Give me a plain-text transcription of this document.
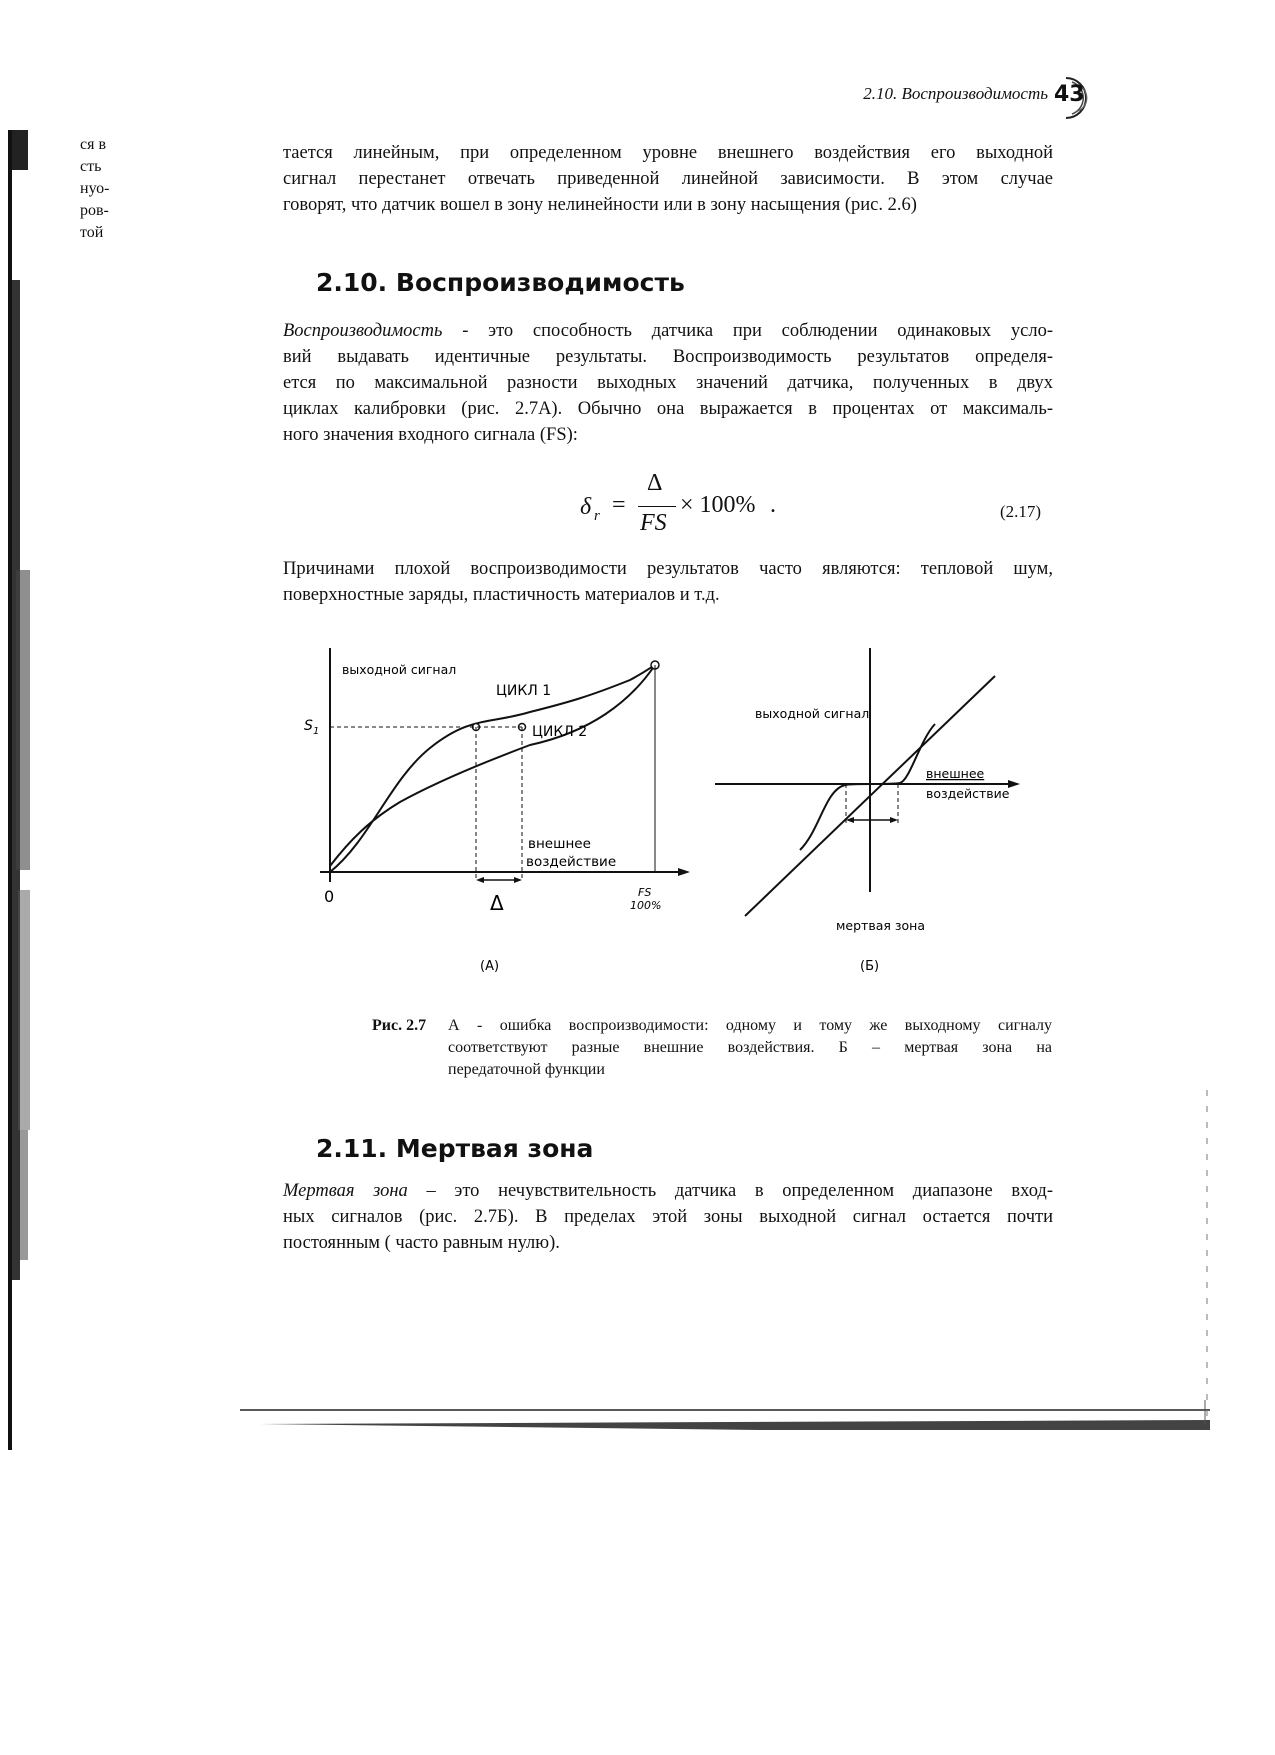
2.10. Воспроизводимость 43
ся в
сть
нуо-
ров-
той
тается линейным, при определенном уровне внешнего воздействия его выходной
сигнал перестанет отвечать приведенной линейной зависимости. В этом случае
говорят, что датчик вошел в зону нелинейности или в зону насыщения (рис. 2.6)
2.10. Воспроизводимость
Воспроизводимость - это способность датчика при соблюдении одинаковых усло-
вий выдавать идентичные результаты. Воспроизводимость результатов определя-
ется по максимальной разности выходных значений датчика, полученных в двух
циклах калибровки (рис. 2.7А). Обычно она выражается в процентах от максималь-
ного значения входного сигнала (FS):
δ r =
Δ
FS
× 100% .	(2.17)
Причинами плохой воспроизводимости результатов часто являются: тепловой шум,
поверхностные заряды, пластичность материалов и т.д.
выходной сигнал
ЦИКЛ 1
ЦИКЛ 2
S 1
внешнее
воздействие
0	Δ	FS
100%
(А)
выходной сигнал
внешнее
воздействие
мертвая зона
(Б)
Рис. 2.7 А - ошибка воспроизводимости: одному и тому же выходному сигналу
соответствуют разные внешние воздействия. Б – мертвая зона на
передаточной функции
2.11. Мертвая зона
Мертвая зона – это нечувствительность датчика в определенном диапазоне вход-
ных сигналов (рис. 2.7Б). В пределах этой зоны выходной сигнал остается почти
постоянным ( часто равным нулю).
